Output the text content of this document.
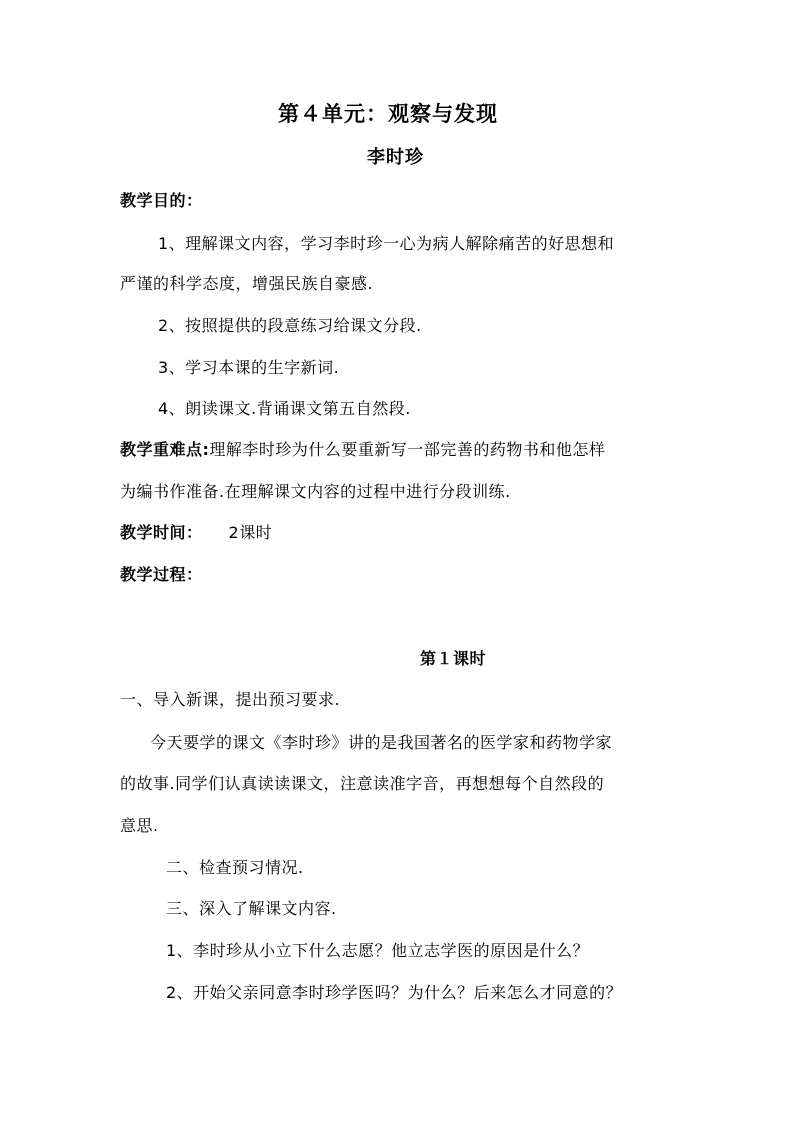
第４单元：观察与发现
李时珍
教学目的：
1、理解课文内容，学习李时珍一心为病人解除痛苦的好思想和
严谨的科学态度，增强民族自豪感.
2、按照提供的段意练习给课文分段.
3、学习本课的生字新词.
4、朗读课文.背诵课文第五自然段.
教学重难点:理解李时珍为什么要重新写一部完善的药物书和他怎样
为编书作准备.在理解课文内容的过程中进行分段训练.
教学时间： 2课时
教学过程：
第１课时
一、导入新课，提出预习要求.
今天要学的课文《李时珍》讲的是我国著名的医学家和药物学家
的故事.同学们认真读读课文，注意读准字音，再想想每个自然段的
意思.
二、检查预习情况.
三、深入了解课文内容.
1、李时珍从小立下什么志愿？他立志学医的原因是什么？
2、开始父亲同意李时珍学医吗？为什么？后来怎么才同意的？
